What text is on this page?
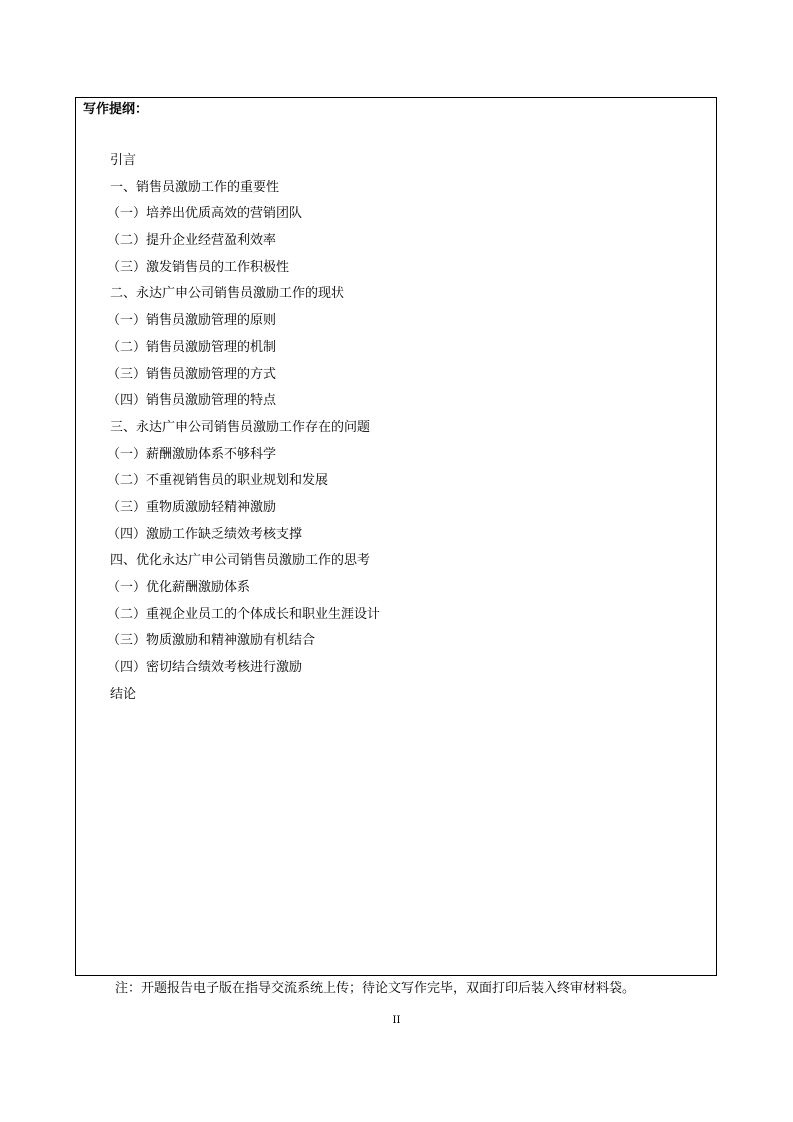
写作提纲：
引言
一、销售员激励工作的重要性
（一）培养出优质高效的营销团队
（二）提升企业经营盈利效率
（三）激发销售员的工作积极性
二、永达广申公司销售员激励工作的现状
（一）销售员激励管理的原则
（二）销售员激励管理的机制
（三）销售员激励管理的方式
（四）销售员激励管理的特点
三、永达广申公司销售员激励工作存在的问题
（一）薪酬激励体系不够科学
（二）不重视销售员的职业规划和发展
（三）重物质激励轻精神激励
（四）激励工作缺乏绩效考核支撑
四、优化永达广申公司销售员激励工作的思考
（一）优化薪酬激励体系
（二）重视企业员工的个体成长和职业生涯设计
（三）物质激励和精神激励有机结合
（四）密切结合绩效考核进行激励
结论
注：开题报告电子版在指导交流系统上传；待论文写作完毕，双面打印后装入终审材料袋。
II
